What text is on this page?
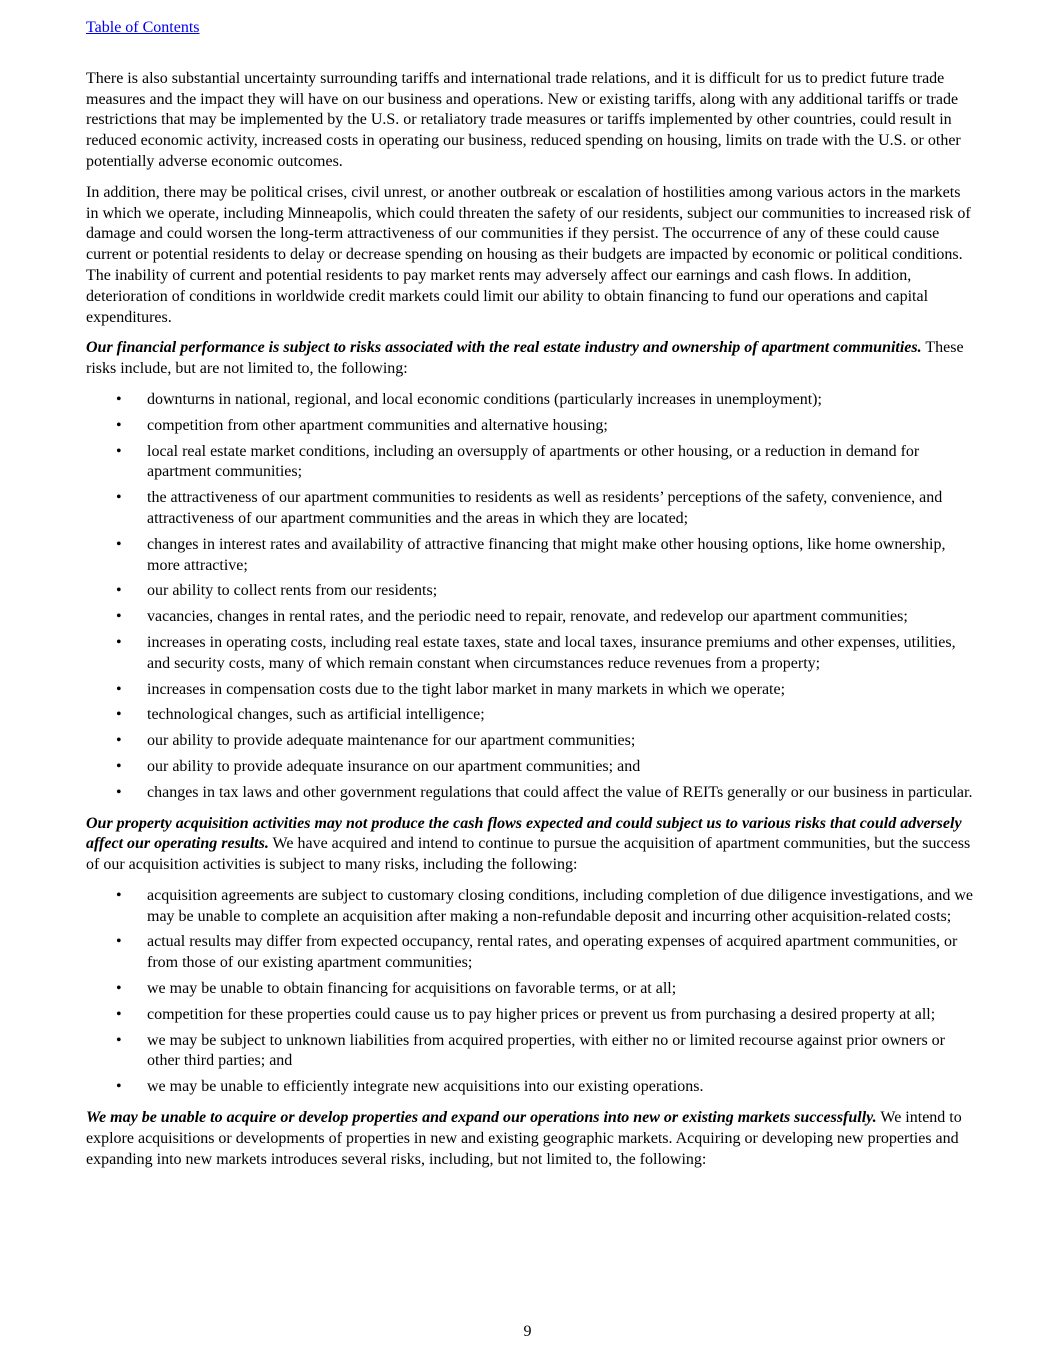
Table of Contents

There is also substantial uncertainty surrounding tariffs and international trade relations, and it is difficult for us to predict future trade measures and the impact they will have on our business and operations. New or existing tariffs, along with any additional tariffs or trade restrictions that may be implemented by the U.S. or retaliatory trade measures or tariffs implemented by other countries, could result in reduced economic activity, increased costs in operating our business, reduced spending on housing, limits on trade with the U.S. or other potentially adverse economic outcomes.

In addition, there may be political crises, civil unrest, or another outbreak or escalation of hostilities among various actors in the markets in which we operate, including Minneapolis, which could threaten the safety of our residents, subject our communities to increased risk of damage and could worsen the long-term attractiveness of our communities if they persist. The occurrence of any of these could cause current or potential residents to delay or decrease spending on housing as their budgets are impacted by economic or political conditions. The inability of current and potential residents to pay market rents may adversely affect our earnings and cash flows. In addition, deterioration of conditions in worldwide credit markets could limit our ability to obtain financing to fund our operations and capital expenditures.

Our financial performance is subject to risks associated with the real estate industry and ownership of apartment communities. These risks include, but are not limited to, the following:

• downturns in national, regional, and local economic conditions (particularly increases in unemployment);
• competition from other apartment communities and alternative housing;
• local real estate market conditions, including an oversupply of apartments or other housing, or a reduction in demand for apartment communities;
• the attractiveness of our apartment communities to residents as well as residents’ perceptions of the safety, convenience, and attractiveness of our apartment communities and the areas in which they are located;
• changes in interest rates and availability of attractive financing that might make other housing options, like home ownership, more attractive;
• our ability to collect rents from our residents;
• vacancies, changes in rental rates, and the periodic need to repair, renovate, and redevelop our apartment communities;
• increases in operating costs, including real estate taxes, state and local taxes, insurance premiums and other expenses, utilities, and security costs, many of which remain constant when circumstances reduce revenues from a property;
• increases in compensation costs due to the tight labor market in many markets in which we operate;
• technological changes, such as artificial intelligence;
• our ability to provide adequate maintenance for our apartment communities;
• our ability to provide adequate insurance on our apartment communities; and
• changes in tax laws and other government regulations that could affect the value of REITs generally or our business in particular.

Our property acquisition activities may not produce the cash flows expected and could subject us to various risks that could adversely affect our operating results. We have acquired and intend to continue to pursue the acquisition of apartment communities, but the success of our acquisition activities is subject to many risks, including the following:

• acquisition agreements are subject to customary closing conditions, including completion of due diligence investigations, and we may be unable to complete an acquisition after making a non-refundable deposit and incurring other acquisition-related costs;
• actual results may differ from expected occupancy, rental rates, and operating expenses of acquired apartment communities, or from those of our existing apartment communities;
• we may be unable to obtain financing for acquisitions on favorable terms, or at all;
• competition for these properties could cause us to pay higher prices or prevent us from purchasing a desired property at all;
• we may be subject to unknown liabilities from acquired properties, with either no or limited recourse against prior owners or other third parties; and
• we may be unable to efficiently integrate new acquisitions into our existing operations.

We may be unable to acquire or develop properties and expand our operations into new or existing markets successfully. We intend to explore acquisitions or developments of properties in new and existing geographic markets. Acquiring or developing new properties and expanding into new markets introduces several risks, including, but not limited to, the following:

9
